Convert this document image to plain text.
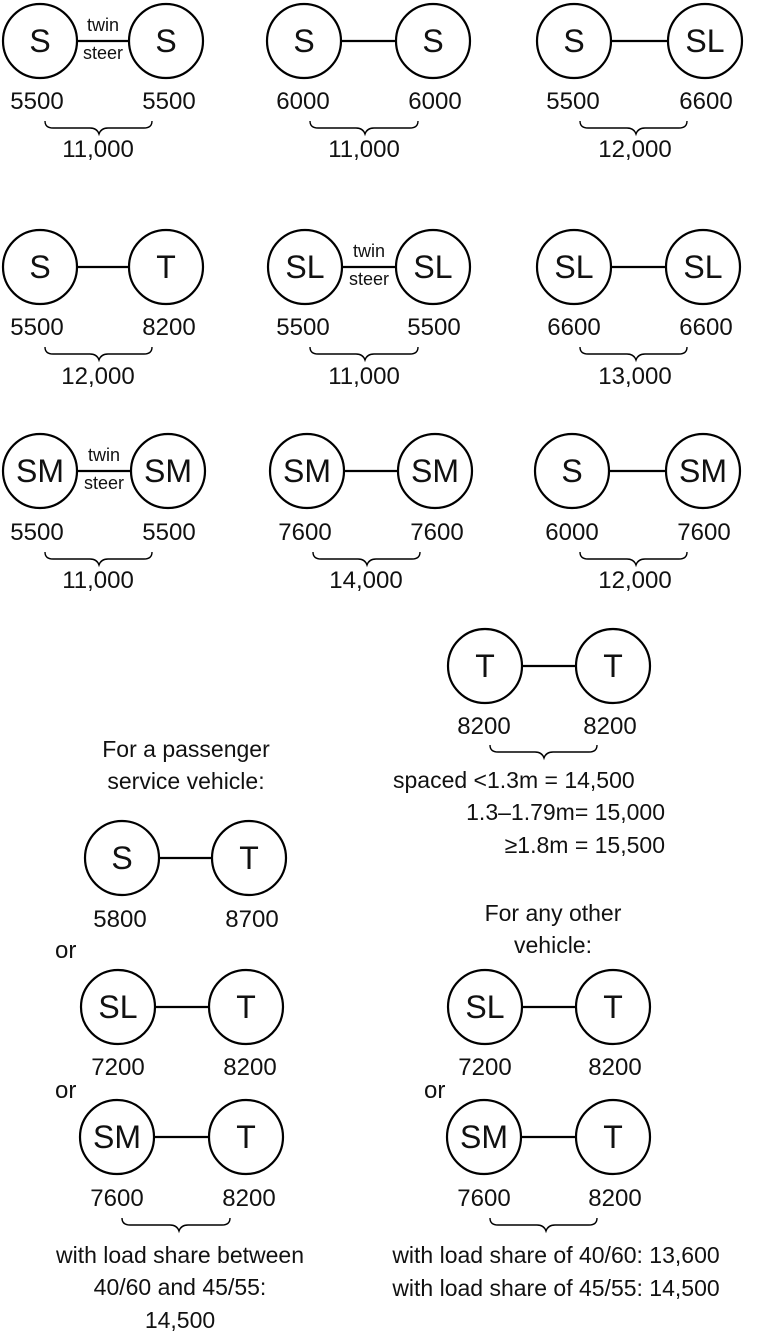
S	S
twin
steer
5500	5500
11,000
S	S
6000	6000
11,000
S	SL
5500	6600
12,000
S	T
5500	8200
12,000
SL	SL
twin
steer
5500	5500
11,000
SL	SL
6600	6600
13,000
SM	SM
twin
steer
5500	5500
11,000
SM	SM
7600	7600
14,000
S	SM
6000	7600
12,000
T	T
8200	8200
spaced <1.3m = 14,500
1.3–1.79m= 15,000
≥1.8m = 15,500
For a passenger
service vehicle:
S	T
5800	8700
or
SL	T
7200	8200
or
SM	T
7600	8200
with load share between
40/60 and 45/55:
14,500
For any other
vehicle:
SL	T
7200	8200
or
SM	T
7600	8200
with load share of 40/60: 13,600
with load share of 45/55: 14,500
